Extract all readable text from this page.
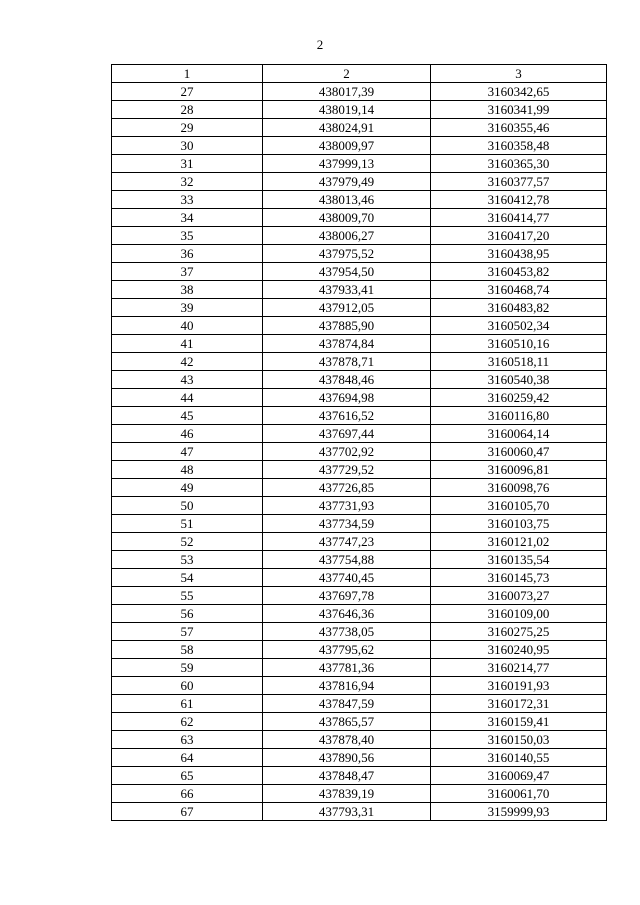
2
1	2	3
27	438017,39	3160342,65
28	438019,14	3160341,99
29	438024,91	3160355,46
30	438009,97	3160358,48
31	437999,13	3160365,30
32	437979,49	3160377,57
33	438013,46	3160412,78
34	438009,70	3160414,77
35	438006,27	3160417,20
36	437975,52	3160438,95
37	437954,50	3160453,82
38	437933,41	3160468,74
39	437912,05	3160483,82
40	437885,90	3160502,34
41	437874,84	3160510,16
42	437878,71	3160518,11
43	437848,46	3160540,38
44	437694,98	3160259,42
45	437616,52	3160116,80
46	437697,44	3160064,14
47	437702,92	3160060,47
48	437729,52	3160096,81
49	437726,85	3160098,76
50	437731,93	3160105,70
51	437734,59	3160103,75
52	437747,23	3160121,02
53	437754,88	3160135,54
54	437740,45	3160145,73
55	437697,78	3160073,27
56	437646,36	3160109,00
57	437738,05	3160275,25
58	437795,62	3160240,95
59	437781,36	3160214,77
60	437816,94	3160191,93
61	437847,59	3160172,31
62	437865,57	3160159,41
63	437878,40	3160150,03
64	437890,56	3160140,55
65	437848,47	3160069,47
66	437839,19	3160061,70
67	437793,31	3159999,93
